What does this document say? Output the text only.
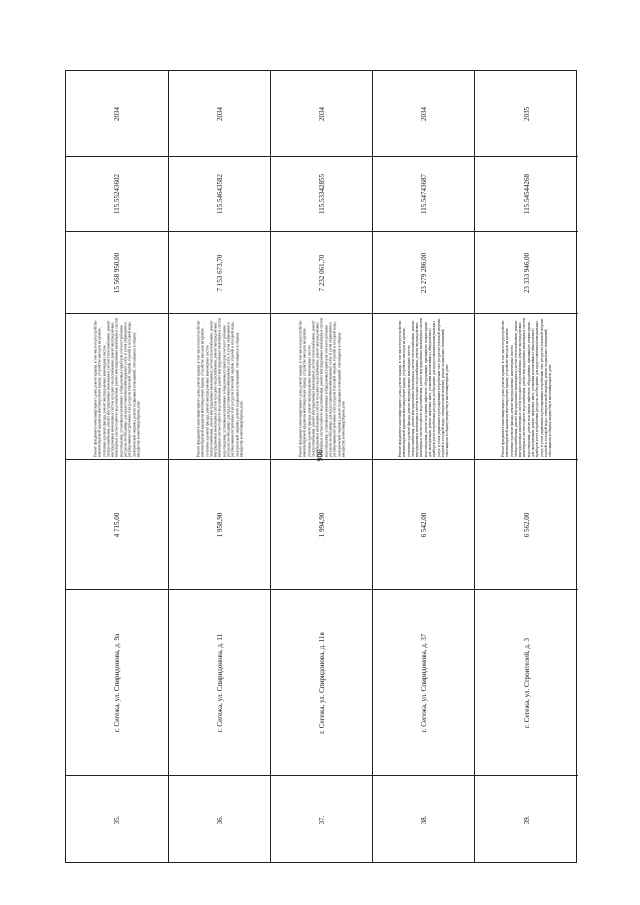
906
35.
г. Сегежа, ул. Спиридонова, д. 9а
4 715,00
Ремонт фундамента многоквартирного дома, ремонт крыши, в том числе переустройство невентилируемой крыши на вентилируемую крышу, устройство выходов на кровлю, утепление и ремонт фасада, ремонт внутридомовых инженерных систем электроснабжения, ремонт внутридомовых инженерных систем теплоснабжения, ремонт внутридомовых инженерных систем холодного водоснабжения, ремонт внутридомовых инженерных систем горячего водоснабжения, ремонт внутридомовых инженерных систем водоотведения, установка коллективных (общедомовых) приборов учета потребления ресурсов, необходимых для предоставления коммунальных услуг, и узлов управления и регулирования потребления этих ресурсов (тепловой энергии, горячей и холодной воды, электрической энергии), ремонт подвальных помещений, относящихся к общему имуществу в многоквартирном доме
15 568 950,00
115.55243602
2034
36.
г. Сегежа, ул. Спиридонова, д. 11
1 958,90
Ремонт фундамента многоквартирного дома, ремонт крыши, в том числе переустройство невентилируемой крыши на вентилируемую крышу, устройство выходов на кровлю, утепление и ремонт фасада, ремонт внутридомовых инженерных систем электроснабжения, ремонт внутридомовых инженерных систем теплоснабжения, ремонт внутридомовых инженерных систем холодного водоснабжения, ремонт внутридомовых инженерных систем горячего водоснабжения, ремонт внутридомовых инженерных систем водоотведения, установка коллективных (общедомовых) приборов учета потребления ресурсов, необходимых для предоставления коммунальных услуг, и узлов управления и регулирования потребления этих ресурсов (тепловой энергии, горячей и холодной воды, электрической энергии), ремонт подвальных помещений, относящихся к общему имуществу в многоквартирном доме
7 153 673,70
115.54643582
2034
37.
г. Сегежа, ул. Спиридонова, д. 11в
1 994,90
Ремонт фундамента многоквартирного дома, ремонт крыши, в том числе переустройство невентилируемой крыши на вентилируемую крышу, устройство выходов на кровлю, утепление и ремонт фасада, ремонт внутридомовых инженерных систем электроснабжения, ремонт внутридомовых инженерных систем теплоснабжения, ремонт внутридомовых инженерных систем холодного водоснабжения, ремонт внутридомовых инженерных систем горячего водоснабжения, ремонт внутридомовых инженерных систем водоотведения, установка коллективных (общедомовых) приборов учета потребления ресурсов, необходимых для предоставления коммунальных услуг, и узлов управления и регулирования потребления этих ресурсов (тепловой энергии, горячей и холодной воды, электрической энергии), ремонт подвальных помещений, относящихся к общему имуществу в многоквартирном доме
7 232 061,70
115.53342855
2034
38.
г. Сегежа, ул. Спиридонова, д. 37
6 542,00
Ремонт фундамента многоквартирного дома, ремонт крыши, в том числе переустройство невентилируемой крыши на вентилируемую крышу, устройство выходов на кровлю, утепление и ремонт фасада, ремонт внутридомовых инженерных систем электроснабжения, ремонт внутридомовых инженерных систем теплоснабжения, ремонт внутридомовых инженерных систем холодного водоснабжения, ремонт внутридомовых инженерных систем горячего водоснабжения, ремонт внутридомовых инженерных систем водоотведения, ремонт или замена лифтового оборудования, признанного непригодным для эксплуатации, ремонт лифтовых шахт, установка коллективных (общедомовых) приборов учета потребления ресурсов, необходимых для предоставления коммунальных услуг, и узлов управления и регулирования потребления этих ресурсов (тепловой энергии, горячей и холодной воды, электрической энергии), ремонт подвальных помещений, относящихся к общему имуществу в многоквартирном доме
23 279 286,00
115.54743687
2034
39.
г. Сегежа, ул. Строителей, д. 3
6 562,00
Ремонт фундамента многоквартирного дома, ремонт крыши, в том числе переустройство невентилируемой крыши на вентилируемую крышу, устройство выходов на кровлю, утепление и ремонт фасада, ремонт внутридомовых инженерных систем электроснабжения, ремонт внутридомовых инженерных систем теплоснабжения, ремонт внутридомовых инженерных систем холодного водоснабжения, ремонт внутридомовых инженерных систем горячего водоснабжения, ремонт внутридомовых инженерных систем водоотведения, ремонт или замена лифтового оборудования, признанного непригодным для эксплуатации, ремонт лифтовых шахт, установка коллективных (общедомовых) приборов учета потребления ресурсов, необходимых для предоставления коммунальных услуг, и узлов управления и регулирования потребления этих ресурсов (тепловой энергии, горячей и холодной воды, электрической энергии), ремонт подвальных помещений, относящихся к общему имуществу в многоквартирном доме
23 333 946,00
115.54544268
2035
